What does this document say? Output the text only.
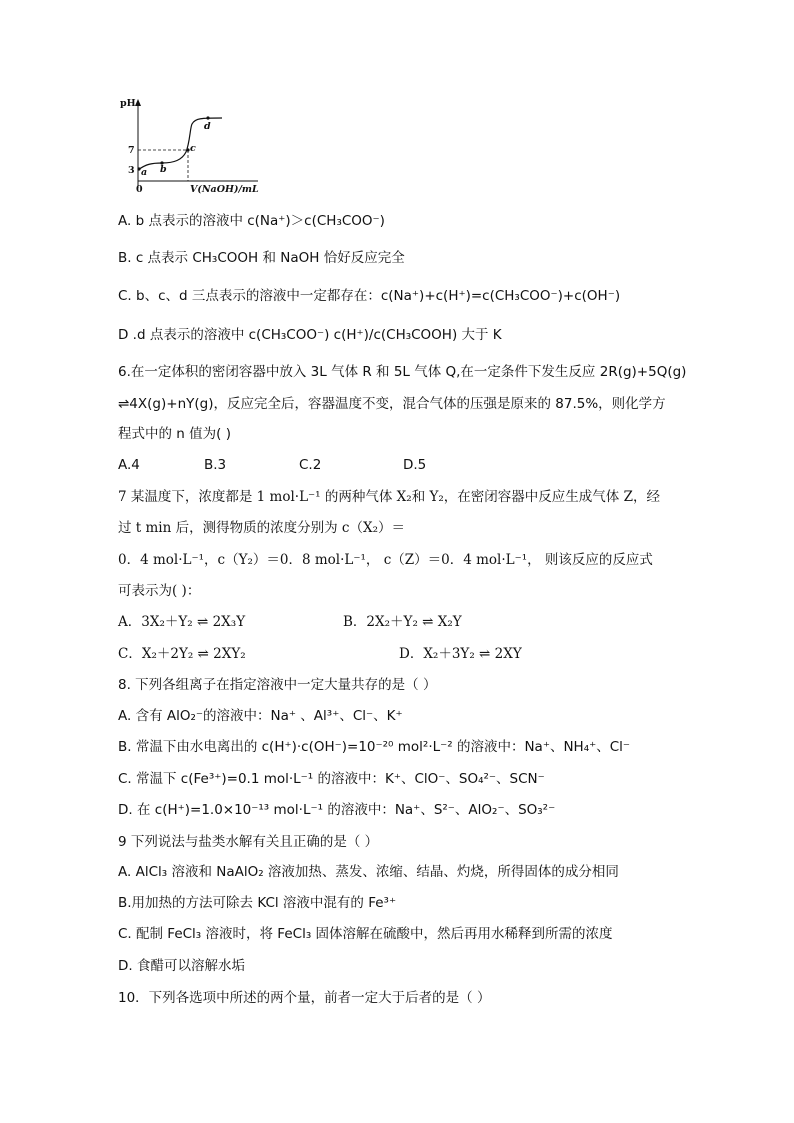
pH
0	V(NaOH)/mL
7
3 a b
c
d
A. b 点表示的溶液中 c(Na⁺)＞c(CH₃COO⁻)
B. c 点表示 CH₃COOH 和 NaOH 恰好反应完全
C. b、c、d 三点表示的溶液中一定都存在：c(Na⁺)+c(H⁺)=c(CH₃COO⁻)+c(OH⁻)
D .d 点表示的溶液中 c(CH₃COO⁻) c(H⁺)/c(CH₃COOH) 大于 K
6.在一定体积的密闭容器中放入 3L 气体 R 和 5L 气体 Q,在一定条件下发生反应 2R(g)+5Q(g)
⇌4X(g)+nY(g)，反应完全后，容器温度不变，混合气体的压强是原来的 87.5%，则化学方
程式中的 n 值为( )
A.4	B.3	C.2	D.5
7 某温度下，浓度都是 1 mol·L⁻¹ 的两种气体 X₂和 Y₂，在密闭容器中反应生成气体 Z，经
过 t min 后，测得物质的浓度分别为 c（X₂）＝
0．4 mol·L⁻¹，c（Y₂）＝0．8 mol·L⁻¹， c（Z）＝0．4 mol·L⁻¹， 则该反应的反应式
可表示为( )：
A．3X₂＋Y₂ ⇌ 2X₃Y	B．2X₂＋Y₂ ⇌ X₂Y
C．X₂＋2Y₂ ⇌ 2XY₂	D．X₂＋3Y₂ ⇌ 2XY
8. 下列各组离子在指定溶液中一定大量共存的是（ ）
A. 含有 AlO₂⁻的溶液中：Na⁺ 、Al³⁺、Cl⁻、K⁺
B. 常温下由水电离出的 c(H⁺)·c(OH⁻)=10⁻²⁰ mol²·L⁻² 的溶液中：Na⁺、NH₄⁺、Cl⁻
C. 常温下 c(Fe³⁺)=0.1 mol·L⁻¹ 的溶液中：K⁺、ClO⁻、SO₄²⁻、SCN⁻
D. 在 c(H⁺)=1.0×10⁻¹³ mol·L⁻¹ 的溶液中：Na⁺、S²⁻、AlO₂⁻、SO₃²⁻
9 下列说法与盐类水解有关且正确的是（ ）
A. AlCl₃ 溶液和 NaAlO₂ 溶液加热、蒸发、浓缩、结晶、灼烧，所得固体的成分相同
B.用加热的方法可除去 KCl 溶液中混有的 Fe³⁺
C. 配制 FeCl₃ 溶液时，将 FeCl₃ 固体溶解在硫酸中，然后再用水稀释到所需的浓度
D. 食醋可以溶解水垢
10．下列各选项中所述的两个量，前者一定大于后者的是（ ）
